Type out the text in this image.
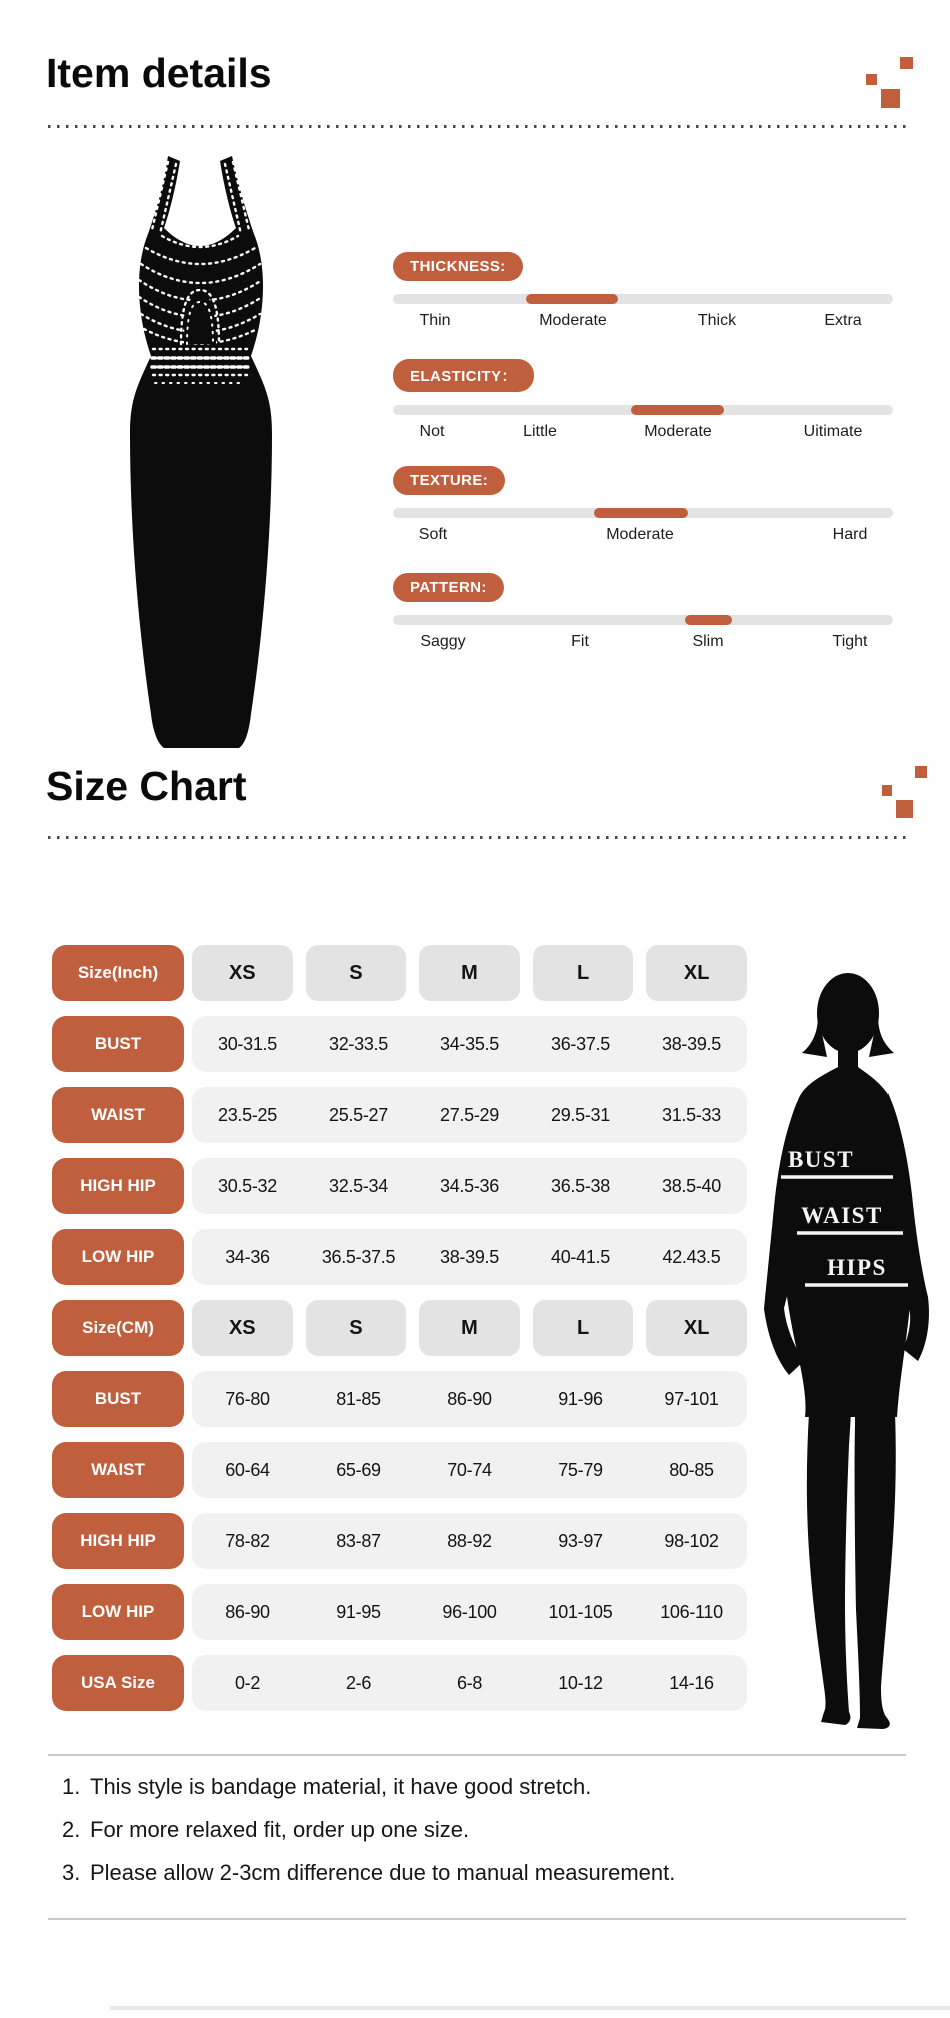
Item details
THICKNESS:
Thin	Moderate	Thick	Extra
ELASTICITY：
Not	Little	Moderate	Uitimate
TEXTURE:
Soft	Moderate	Hard
PATTERN:
Saggy	Fit	Slim	Tight
Size Chart
Size(Inch)	XS	S	M	L	XL
BUST	30-31.5	32-33.5	34-35.5	36-37.5	38-39.5
WAIST	23.5-25	25.5-27	27.5-29	29.5-31	31.5-33
HIGH HIP	30.5-32	32.5-34	34.5-36	36.5-38	38.5-40
LOW HIP	34-36	36.5-37.5	38-39.5	40-41.5	42.43.5
Size(CM)	XS	S	M	L	XL
BUST	76-80	81-85	86-90	91-96	97-101
WAIST	60-64	65-69	70-74	75-79	80-85
HIGH HIP	78-82	83-87	88-92	93-97	98-102
LOW HIP	86-90	91-95	96-100	101-105	106-110
USA Size	0-2	2-6	6-8	10-12	14-16
BUST
WAIST
HIPS
1. This style is bandage material, it have good stretch.
2. For more relaxed fit, order up one size.
3. Please allow 2-3cm difference due to manual measurement.
